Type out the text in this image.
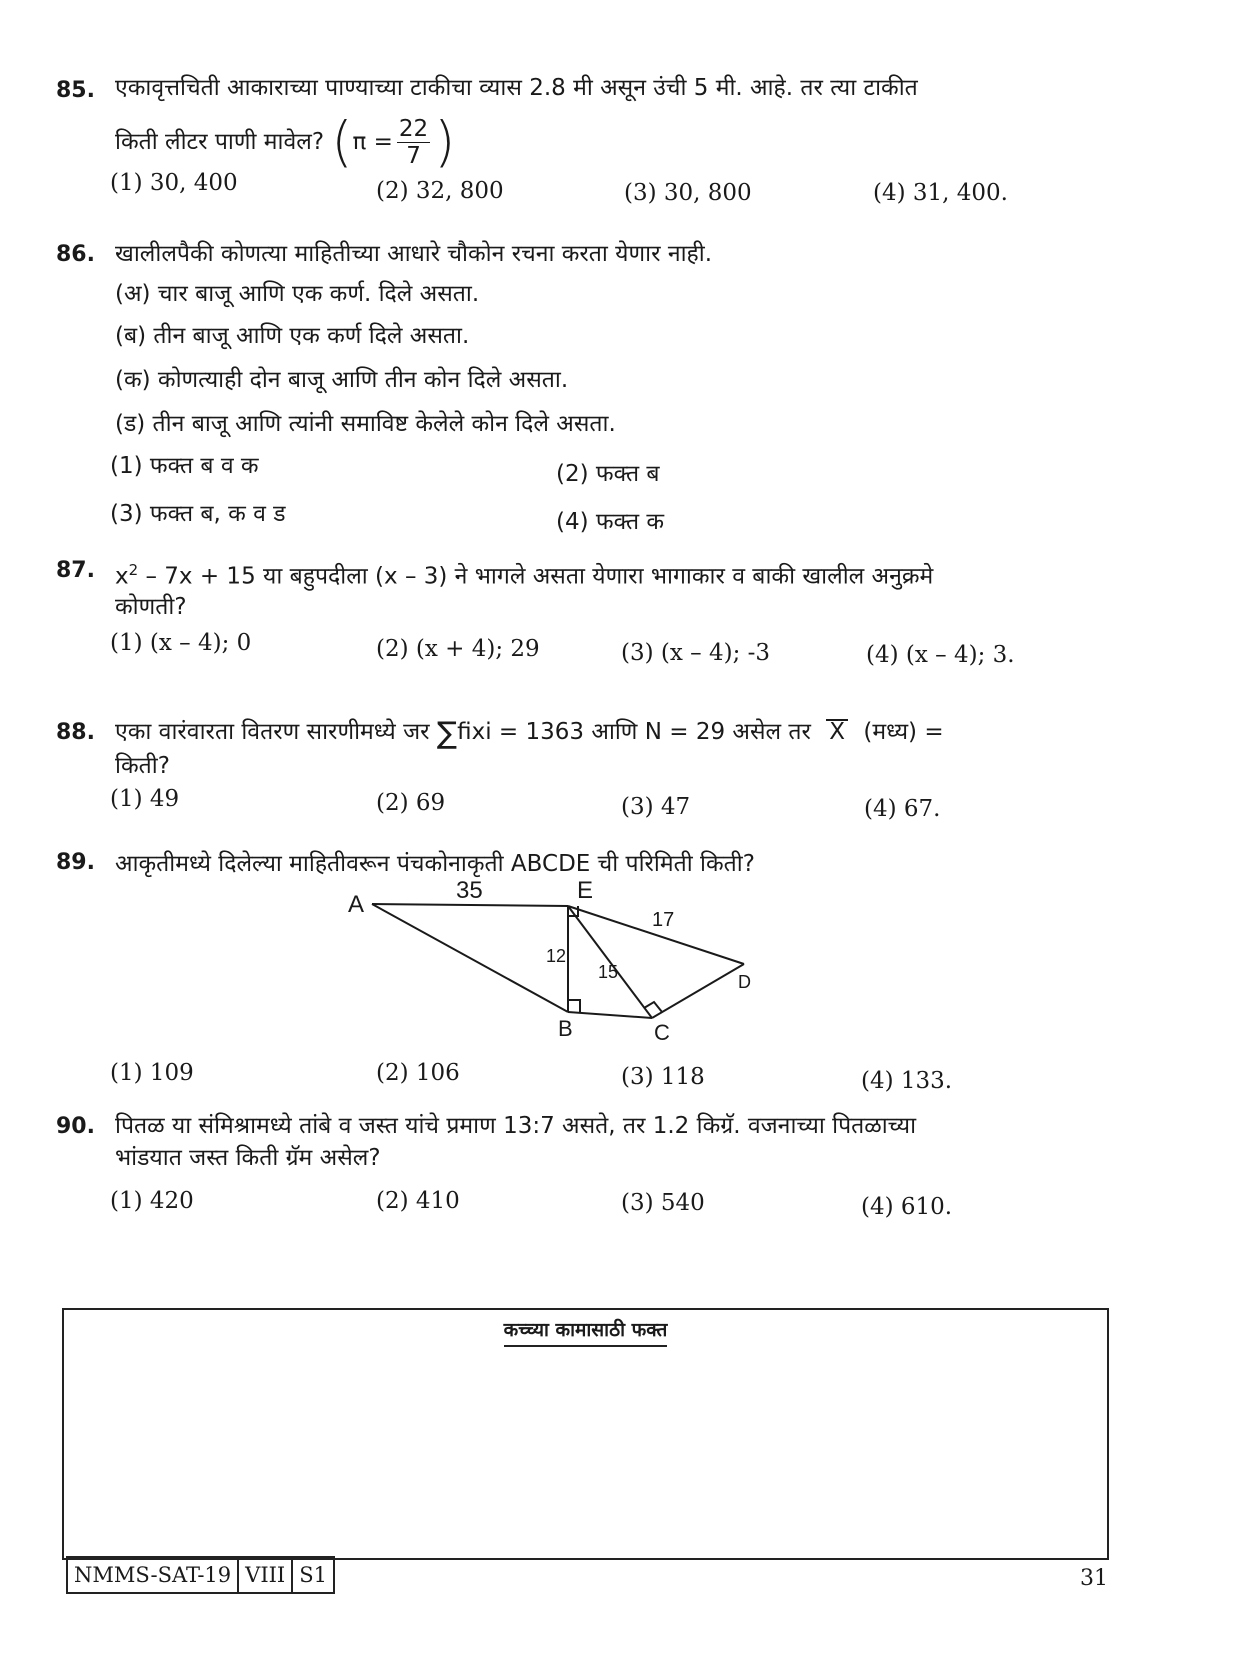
85. एकावृत्तचिती आकाराच्या पाण्याच्या टाकीचा व्यास 2.8 मी असून उंची 5 मी. आहे. तर त्या टाकीत
किती लीटर पाणी मावेल? ($\pi = \frac{22}{7}$ )
(1) 30, 400	(2) 32, 800	(3) 30, 800	(4) 31, 400.
86. खालीलपैकी कोणत्या माहितीच्या आधारे चौकोन रचना करता येणार नाही.
(अ) चार बाजू आणि एक कर्ण. दिले असता.
(ब) तीन बाजू आणि एक कर्ण दिले असता.
(क) कोणत्याही दोन बाजू आणि तीन कोन दिले असता.
(ड) तीन बाजू आणि त्यांनी समाविष्ट केलेले कोन दिले असता.
(1) फक्त ब व क	(2) फक्त ब
(3) फक्त ब, क व ड	(4) फक्त क
87. $x^2 - 7x + 15$ या बहुपदीला (x – 3) ने भागले असता येणारा भागाकार व बाकी खालील अनुक्रमे
कोणती?
(1) (x – 4); 0	(2) (x + 4); 29	(3) (x – 4); -3	(4) (x – 4); 3.
88. एका वारंवारता वितरण सारणीमध्ये जर ∑fixi = 1363 आणि N = 29 असेल तर X (मध्य) =
किती?
(1) 49	(2) 69	(3) 47	(4) 67.
89. आकृतीमध्ये दिलेल्या माहितीवरून पंचकोनाकृती ABCDE ची परिमिती किती?
A
35	E
17
12
15	D
B	C
(1) 109	(2) 106	(3) 118	(4) 133.
90. पितळ या संमिश्रामध्ये तांबे व जस्त यांचे प्रमाण 13:7 असते, तर 1.2 किग्रॅ. वजनाच्या पितळाच्या
भांडयात जस्त किती ग्रॅम असेल?
(1) 420	(2) 410	(3) 540	(4) 610.
कच्च्या कामासाठी फक्त
NMMS-SAT-19 VIII S1	31
